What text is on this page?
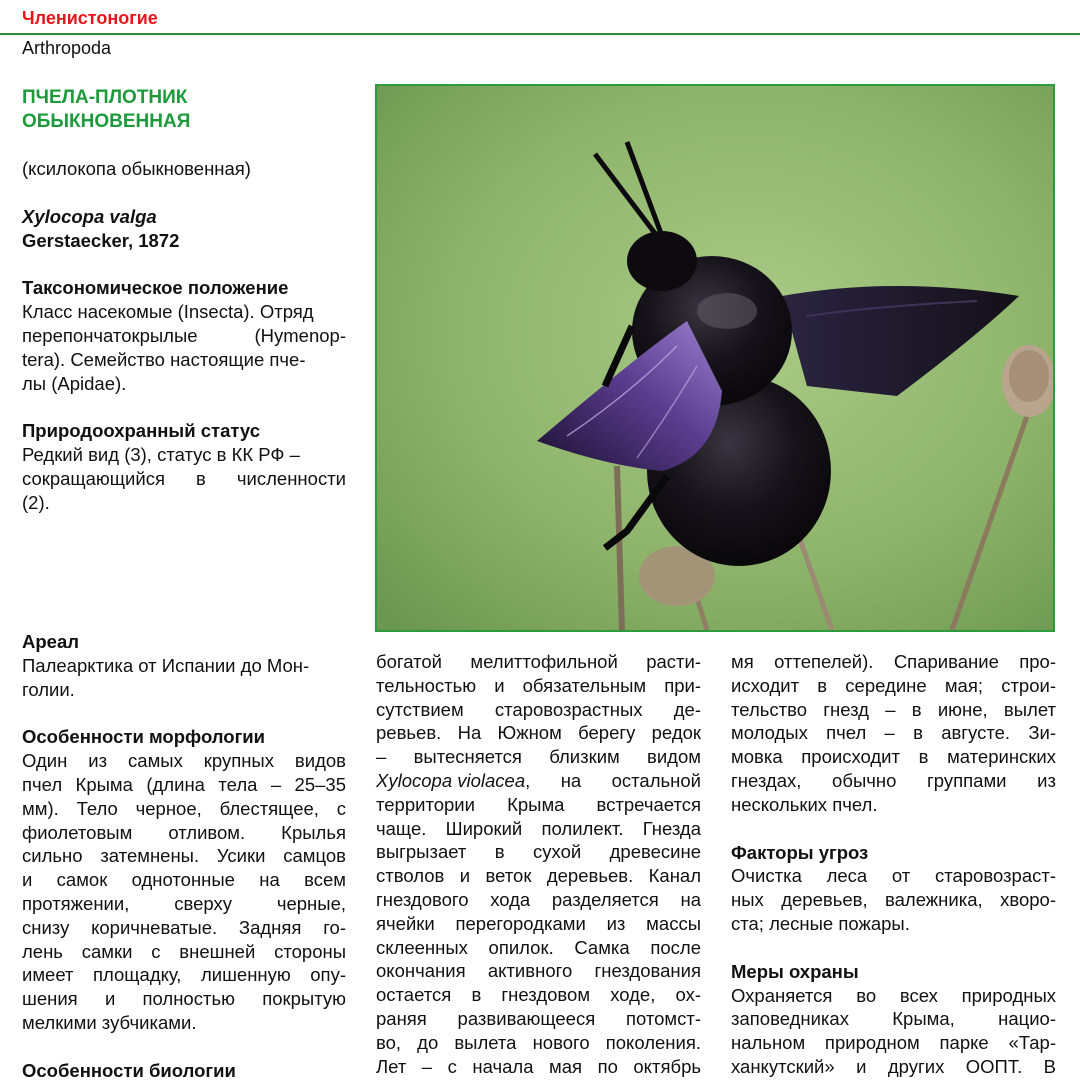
Членистоногие
Arthropoda
ПЧЕЛА-ПЛОТНИК
ОБЫКНОВЕННАЯ
(ксилокопа обыкновенная)
Xylocopa valga
Gerstaecker, 1872
Таксономическое положение
Класс насекомые (Insecta). Отряд
перепончатокрылые (Hymenop-
tera). Семейство настоящие пче-
лы (Apidae).
Природоохранный статус
Редкий вид (3), статус в КК РФ –
сокращающийся в численности
(2).
Ареал
Палеарктика от Испании до Мон-
голии.
Особенности морфологии
Один из самых крупных видов
пчел Крыма (длина тела – 25–35
мм). Тело черное, блестящее, с
фиолетовым отливом. Крылья
сильно затемнены. Усики самцов
и самок однотонные на всем
протяжении, сверху черные,
снизу коричневатые. Задняя го-
лень самки с внешней стороны
имеет площадку, лишенную опу-
шения и полностью покрытую
мелкими зубчиками.
Особенности биологии
богатой мелиттофильной расти-
тельностью и обязательным при-
сутствием старовозрастных де-
ревьев. На Южном берегу редок
– вытесняется близким видом
Xylocopa violacea , на остальной
территории Крыма встречается
чаще. Широкий полилект. Гнезда
выгрызает в сухой древесине
стволов и веток деревьев. Канал
гнездового хода разделяется на
ячейки перегородками из массы
склеенных опилок. Самка после
окончания активного гнездования
остается в гнездовом ходе, ох-
раняя развивающееся потомст-
во, до вылета нового поколения.
Лет – с начала мая по октябрь
мя оттепелей). Спаривание про-
исходит в середине мая; строи-
тельство гнезд – в июне, вылет
молодых пчел – в августе. Зи-
мовка происходит в материнских
гнездах, обычно группами из
нескольких пчел.
Факторы угроз
Очистка леса от старовозраст-
ных деревьев, валежника, хворо-
ста; лесные пожары.
Меры охраны
Охраняется во всех природных
заповедниках Крыма, нацио-
нальном природном парке «Тар-
ханкутский» и других ООПТ. В
